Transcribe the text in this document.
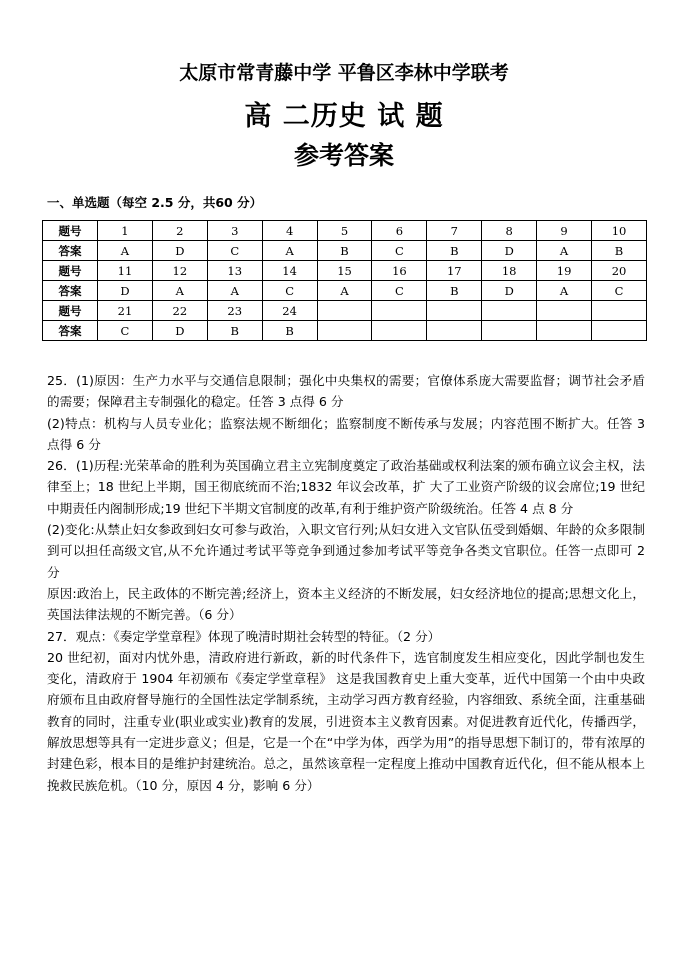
太原市常青藤中学 平鲁区李林中学联考
高 二历史 试 题
参考答案
一、单选题（每空 2.5 分，共60 分）
题号	1	2	3	4	5	6	7	8	9	10
答案	A	D	C	A	B	C	B	D	A	B
题号	11	12	13	14	15	16	17	18	19	20
答案	D	A	A	C	A	C	B	D	A	C
题号	21	22	23	24						
答案	C	D	B	B						

25．(1)原因：生产力水平与交通信息限制；强化中央集权的需要；官僚体系庞大需要监督；调节社会矛盾的需要；保障君主专制强化的稳定。任答 3 点得 6 分

(2)特点：机构与人员专业化；监察法规不断细化；监察制度不断传承与发展；内容范围不断扩大。任答 3 点得 6 分

26．(1)历程:光荣革命的胜利为英国确立君主立宪制度奠定了政治基础或权利法案的颁布确立议会主权，法律至上；18 世纪上半期，国王彻底统而不治;1832 年议会改革，扩 大了工业资产阶级的议会席位;19 世纪中期责任内阁制形成;19 世纪下半期文官制度的改革,有利于维护资产阶级统治。任答 4 点 8 分

(2)变化:从禁止妇女参政到妇女可参与政治，入职文官行列;从妇女进入文官队伍受到婚姻、年龄的众多限制到可以担任高级文官,从不允许通过考试平等竞争到通过参加考试平等竞争各类文官职位。任答一点即可 2 分

原因:政治上，民主政体的不断完善;经济上，资本主义经济的不断发展，妇女经济地位的提高;思想文化上，英国法律法规的不断完善。（6 分）

27．观点：《奏定学堂章程》体现了晚清时期社会转型的特征。（2 分）

20 世纪初，面对内忧外患，清政府进行新政，新的时代条件下，选官制度发生相应变化，因此学制也发生变化，清政府于 1904 年初颁布《奏定学堂章程》 这是我国教育史上重大变革，近代中国第一个由中央政府颁布且由政府督导施行的全国性法定学制系统，主动学习西方教育经验，内容细致、系统全面，注重基础教育的同时，注重专业(职业或实业)教育的发展，引进资本主义教育因素。对促进教育近代化，传播西学，解放思想等具有一定进步意义；但是，它是一个在“中学为体，西学为用”的指导思想下制订的，带有浓厚的封建色彩，根本目的是维护封建统治。总之，虽然该章程一定程度上推动中国教育近代化，但不能从根本上挽救民族危机。（10 分，原因 4 分，影响 6 分）
